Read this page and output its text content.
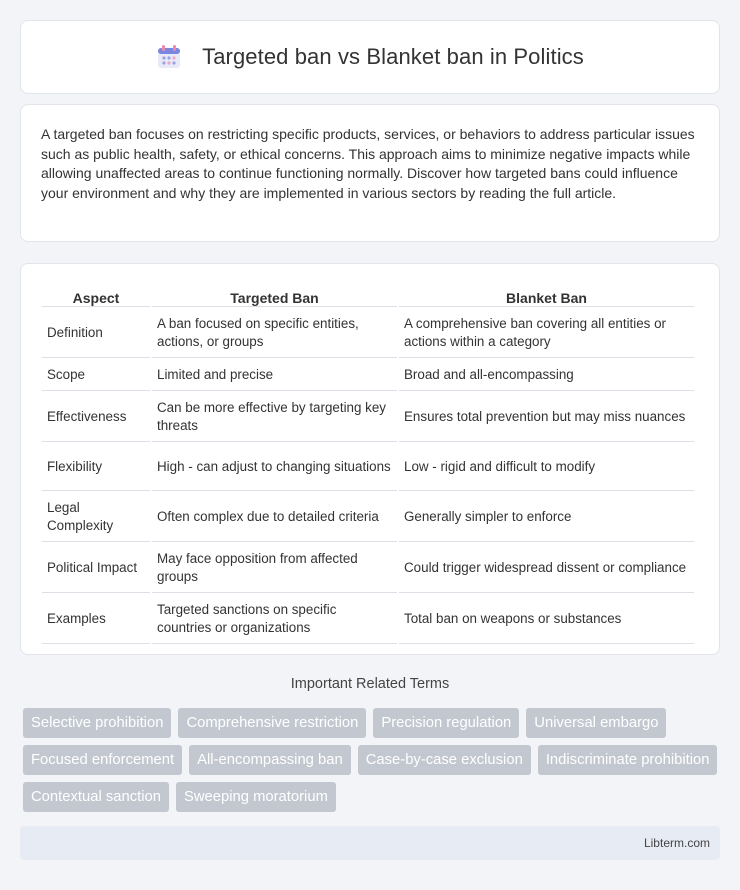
Targeted ban vs Blanket ban in Politics

A targeted ban focuses on restricting specific products, services, or behaviors to address particular issues such as public health, safety, or ethical concerns. This approach aims to minimize negative impacts while allowing unaffected areas to continue functioning normally. Discover how targeted bans could influence your environment and why they are implemented in various sectors by reading the full article.

Aspect	Targeted Ban	Blanket Ban
Definition	A ban focused on specific entities, actions, or groups	A comprehensive ban covering all entities or actions within a category
Scope	Limited and precise	Broad and all-encompassing
Effectiveness	Can be more effective by targeting key threats	Ensures total prevention but may miss nuances
Flexibility	High - can adjust to changing situations	Low - rigid and difficult to modify
Legal Complexity	Often complex due to detailed criteria	Generally simpler to enforce
Political Impact	May face opposition from affected groups	Could trigger widespread dissent or compliance
Examples	Targeted sanctions on specific countries or organizations	Total ban on weapons or substances
Important Related Terms
Selective prohibition	Comprehensive restriction	Precision regulation	Universal embargo
Focused enforcement	All-encompassing ban	Case-by-case exclusion	Indiscriminate prohibition
Contextual sanction	Sweeping moratorium
Libterm.com
